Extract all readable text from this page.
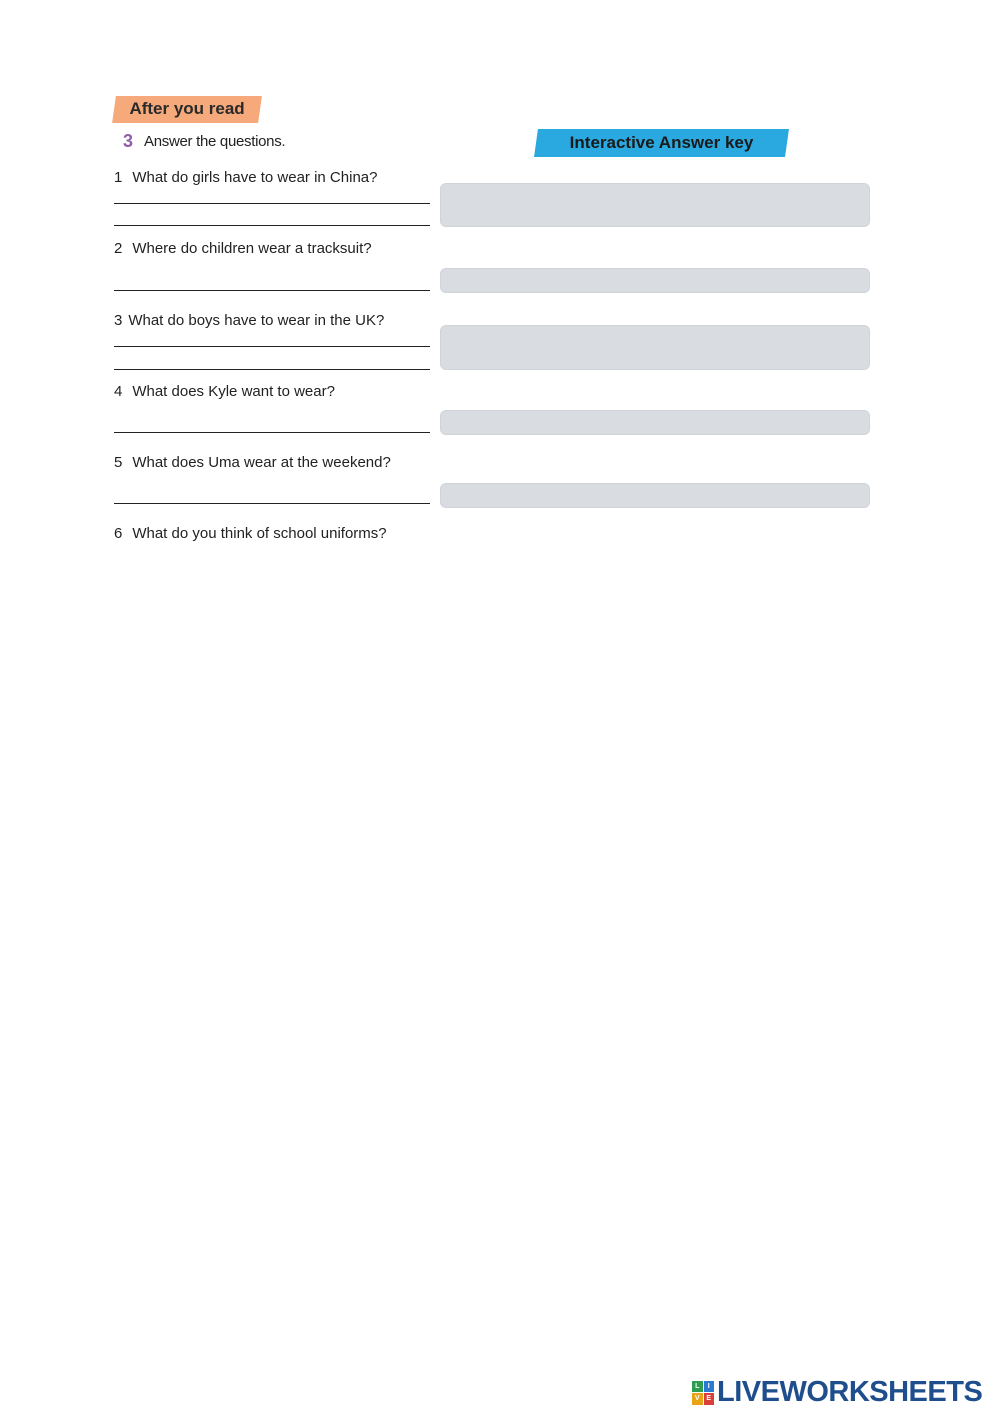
After you read
3 Answer the questions.	Interactive Answer key
1 What do girls have to wear in China?
2 Where do children wear a tracksuit?
3 What do boys have to wear in the UK?
4 What does Kyle want to wear?
5 What does Uma wear at the weekend?
6 What do you think of school uniforms?
L	I
V E LIVEWORKSHEETS
